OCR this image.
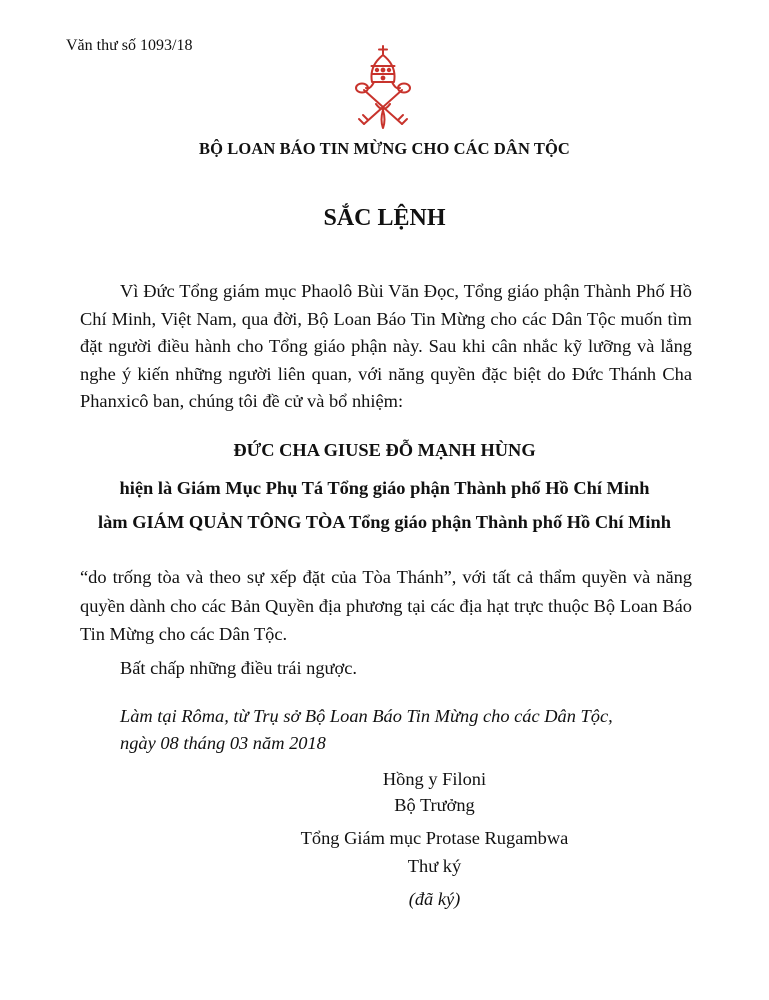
Văn thư số 1093/18
BỘ LOAN BÁO TIN MỪNG CHO CÁC DÂN TỘC
SẮC LỆNH

Vì Đức Tổng giám mục Phaolô Bùi Văn Đọc, Tổng giáo phận Thành Phố Hồ Chí Minh, Việt Nam, qua đời, Bộ Loan Báo Tin Mừng cho các Dân Tộc muốn tìm đặt người điều hành cho Tổng giáo phận này. Sau khi cân nhắc kỹ lưỡng và lắng nghe ý kiến những người liên quan, với năng quyền đặc biệt do Đức Thánh Cha Phanxicô ban, chúng tôi đề cử và bổ nhiệm:

ĐỨC CHA GIUSE ĐỖ MẠNH HÙNG
hiện là Giám Mục Phụ Tá Tổng giáo phận Thành phố Hồ Chí Minh
làm GIÁM QUẢN TÔNG TÒA Tổng giáo phận Thành phố Hồ Chí Minh

“do trống tòa và theo sự xếp đặt của Tòa Thánh”, với tất cả thẩm quyền và năng quyền dành cho các Bản Quyền địa phương tại các địa hạt trực thuộc Bộ Loan Báo Tin Mừng cho các Dân Tộc.

Bất chấp những điều trái ngược.
Làm tại Rôma, từ Trụ sở Bộ Loan Báo Tin Mừng cho các Dân Tộc,
ngày 08 tháng 03 năm 2018
Hồng y Filoni
Bộ Trưởng
Tổng Giám mục Protase Rugambwa
Thư ký
(đã ký)
